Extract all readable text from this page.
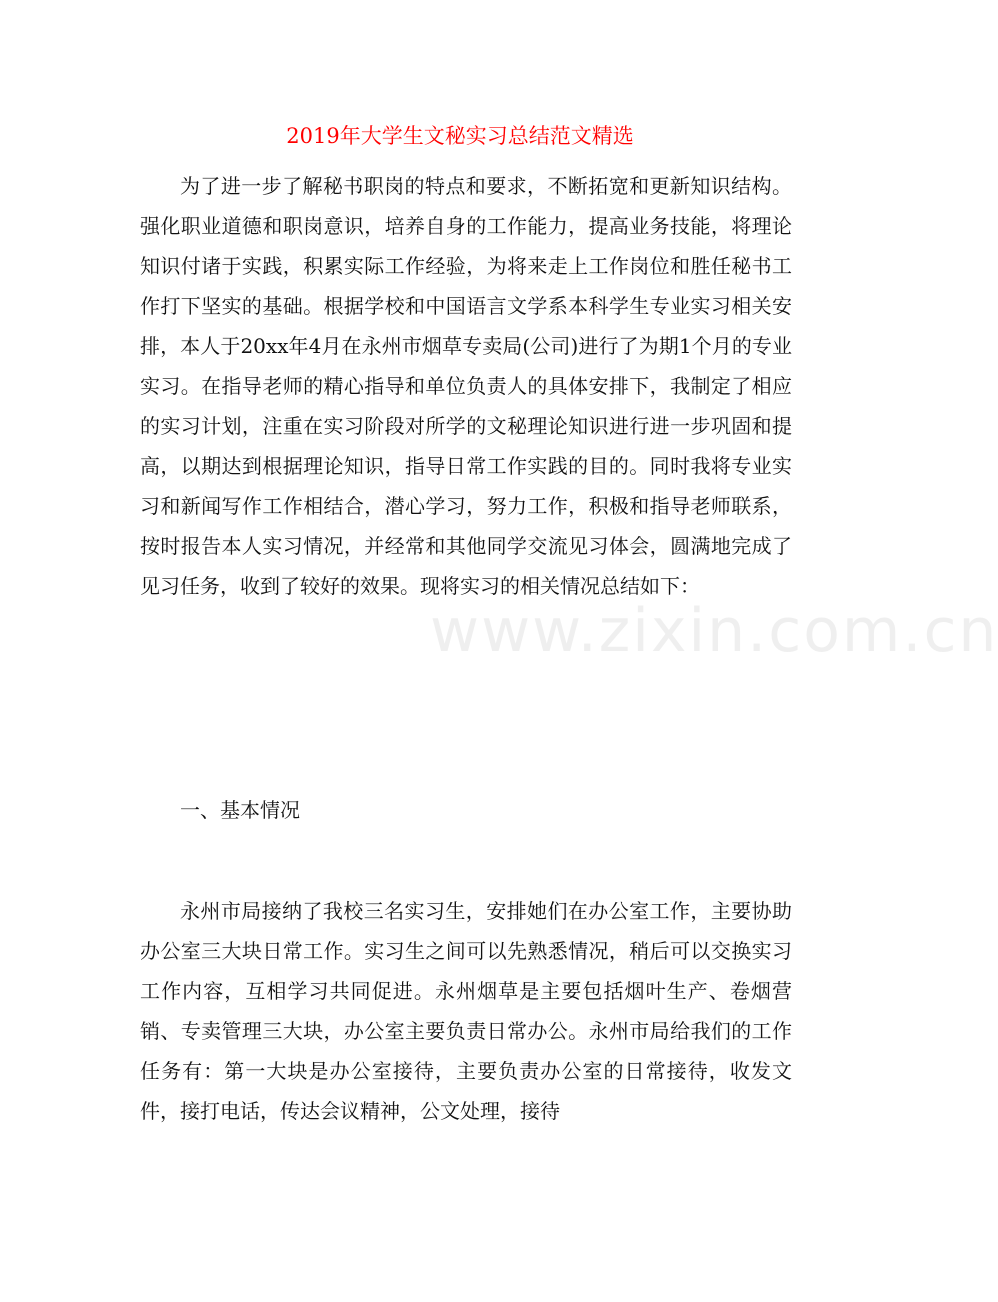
2019年大学生文秘实习总结范文精选

为了进一步了解秘书职岗的特点和要求，不断拓宽和更新知识结构。强化职业道德和职岗意识，培养自身的工作能力，提高业务技能，将理论知识付诸于实践，积累实际工作经验，为将来走上工作岗位和胜任秘书工作打下坚实的基础。根据学校和中国语言文学系本科学生专业实习相关安排，本人于20xx年4月在永州市烟草专卖局(公司)进行了为期1个月的专业实习。在指导老师的精心指导和单位负责人的具体安排下，我制定了相应的实习计划，注重在实习阶段对所学的文秘理论知识进行进一步巩固和提高，以期达到根据理论知识，指导日常工作实践的目的。同时我将专业实习和新闻写作工作相结合，潜心学习，努力工作，积极和指导老师联系，按时报告本人实习情况，并经常和其他同学交流见习体会，圆满地完成了见习任务，收到了较好的效果。现将实习的相关情况总结如下：

一、基本情况

永州市局接纳了我校三名实习生，安排她们在办公室工作，主要协助办公室三大块日常工作。实习生之间可以先熟悉情况，稍后可以交换实习工作内容，互相学习共同促进。永州烟草是主要包括烟叶生产、卷烟营销、专卖管理三大块，办公室主要负责日常办公。永州市局给我们的工作任务有：第一大块是办公室接待，主要负责办公室的日常接待，收发文件，接打电话，传达会议精神，公文处理，接待

www.zixin.com.cn
